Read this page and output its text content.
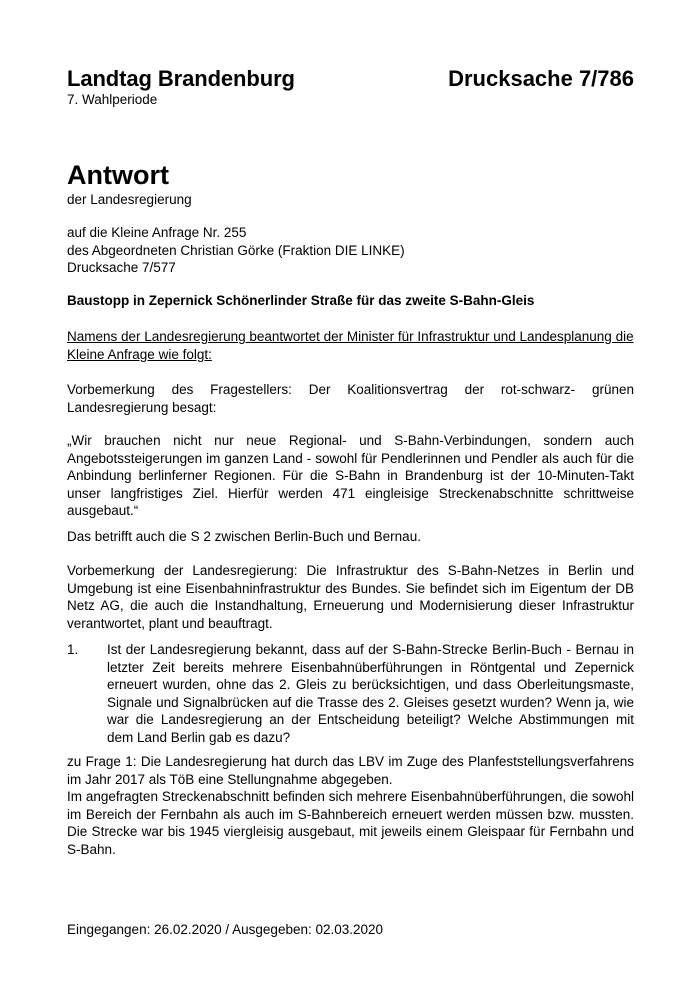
Landtag Brandenburg	Drucksache 7/786
7. Wahlperiode
Antwort
der Landesregierung
auf die Kleine Anfrage Nr. 255
des Abgeordneten Christian Görke (Fraktion DIE LINKE)
Drucksache 7/577
Baustopp in Zepernick Schönerlinder Straße für das zweite S-Bahn-Gleis
Namens der Landesregierung beantwortet der Minister für Infrastruktur und Landesplanung die Kleine Anfrage wie folgt:
Vorbemerkung des Fragestellers: Der Koalitionsvertrag der rot-schwarz- grünen Landesregierung besagt:
„Wir brauchen nicht nur neue Regional- und S-Bahn-Verbindungen, sondern auch Angebotssteigerungen im ganzen Land - sowohl für Pendlerinnen und Pendler als auch für die Anbindung berlinferner Regionen. Für die S-Bahn in Brandenburg ist der 10-Minuten-Takt unser langfristiges Ziel. Hierfür werden 471 eingleisige Streckenabschnitte schrittweise ausgebaut.“
Das betrifft auch die S 2 zwischen Berlin-Buch und Bernau.
Vorbemerkung der Landesregierung: Die Infrastruktur des S-Bahn-Netzes in Berlin und Umgebung ist eine Eisenbahninfrastruktur des Bundes. Sie befindet sich im Eigentum der DB Netz AG, die auch die Instandhaltung, Erneuerung und Modernisierung dieser Infrastruktur verantwortet, plant und beauftragt.
1.	Ist der Landesregierung bekannt, dass auf der S-Bahn-Strecke Berlin-Buch - Bernau in letzter Zeit bereits mehrere Eisenbahnüberführungen in Röntgental und Zepernick erneuert wurden, ohne das 2. Gleis zu berücksichtigen, und dass Oberleitungsmaste, Signale und Signalbrücken auf die Trasse des 2. Gleises gesetzt wurden? Wenn ja, wie war die Landesregierung an der Entscheidung beteiligt? Welche Abstimmungen mit dem Land Berlin gab es dazu?
zu Frage 1: Die Landesregierung hat durch das LBV im Zuge des Planfeststellungsverfahrens im Jahr 2017 als TöB eine Stellungnahme abgegeben.
Im angefragten Streckenabschnitt befinden sich mehrere Eisenbahnüberführungen, die sowohl im Bereich der Fernbahn als auch im S-Bahnbereich erneuert werden müssen bzw. mussten. Die Strecke war bis 1945 viergleisig ausgebaut, mit jeweils einem Gleispaar für Fernbahn und S-Bahn.
Eingegangen: 26.02.2020 / Ausgegeben: 02.03.2020
